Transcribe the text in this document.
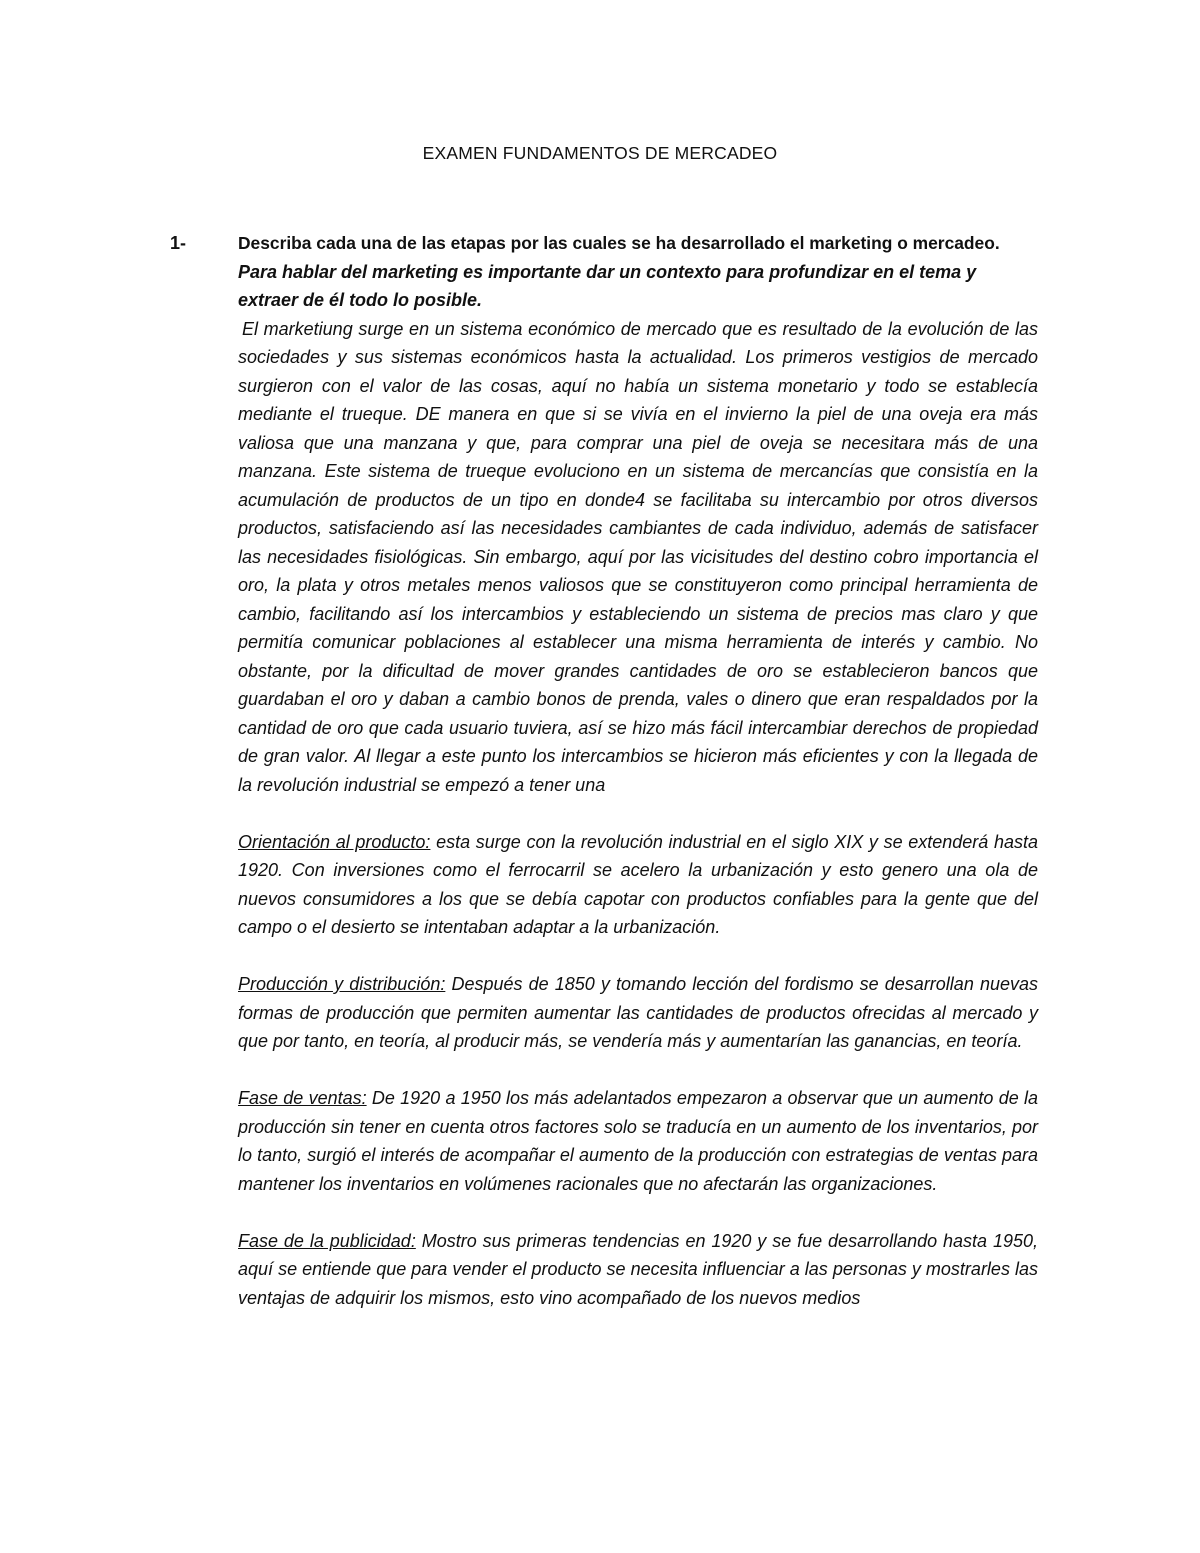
EXAMEN FUNDAMENTOS DE MERCADEO
1-	Describa cada una de las etapas por las cuales se ha desarrollado el marketing o mercadeo.
Para hablar del marketing es importante dar un contexto para profundizar en el tema y extraer de él todo lo posible.

El marketiung surge en un sistema económico de mercado que es resultado de la evolución de las sociedades y sus sistemas económicos hasta la actualidad. Los primeros vestigios de mercado surgieron con el valor de las cosas, aquí no había un sistema monetario y todo se establecía mediante el trueque. DE manera en que si se vivía en el invierno la piel de una oveja era más valiosa que una manzana y que, para comprar una piel de oveja se necesitara más de una manzana. Este sistema de trueque evoluciono en un sistema de mercancías que consistía en la acumulación de productos de un tipo en donde4 se facilitaba su intercambio por otros diversos productos, satisfaciendo así las necesidades cambiantes de cada individuo, además de satisfacer las necesidades fisiológicas. Sin embargo, aquí por las vicisitudes del destino cobro importancia el oro, la plata y otros metales menos valiosos que se constituyeron como principal herramienta de cambio, facilitando así los intercambios y estableciendo un sistema de precios mas claro y que permitía comunicar poblaciones al establecer una misma herramienta de interés y cambio. No obstante, por la dificultad de mover grandes cantidades de oro se establecieron bancos que guardaban el oro y daban a cambio bonos de prenda, vales o dinero que eran respaldados por la cantidad de oro que cada usuario tuviera, así se hizo más fácil intercambiar derechos de propiedad de gran valor. Al llegar a este punto los intercambios se hicieron más eficientes y con la llegada de la revolución industrial se empezó a tener una

Orientación al producto: esta surge con la revolución industrial en el siglo XIX y se extenderá hasta 1920. Con inversiones como el ferrocarril se acelero la urbanización y esto genero una ola de nuevos consumidores a los que se debía capotar con productos confiables para la gente que del campo o el desierto se intentaban adaptar a la urbanización.

Producción y distribución: Después de 1850 y tomando lección del fordismo se desarrollan nuevas formas de producción que permiten aumentar las cantidades de productos ofrecidas al mercado y que por tanto, en teoría, al producir más, se vendería más y aumentarían las ganancias, en teoría.

Fase de ventas: De 1920 a 1950 los más adelantados empezaron a observar que un aumento de la producción sin tener en cuenta otros factores solo se traducía en un aumento de los inventarios, por lo tanto, surgió el interés de acompañar el aumento de la producción con estrategias de ventas para mantener los inventarios en volúmenes racionales que no afectarán las organizaciones.

Fase de la publicidad: Mostro sus primeras tendencias en 1920 y se fue desarrollando hasta 1950, aquí se entiende que para vender el producto se necesita influenciar a las personas y mostrarles las ventajas de adquirir los mismos, esto vino acompañado de los nuevos medios
